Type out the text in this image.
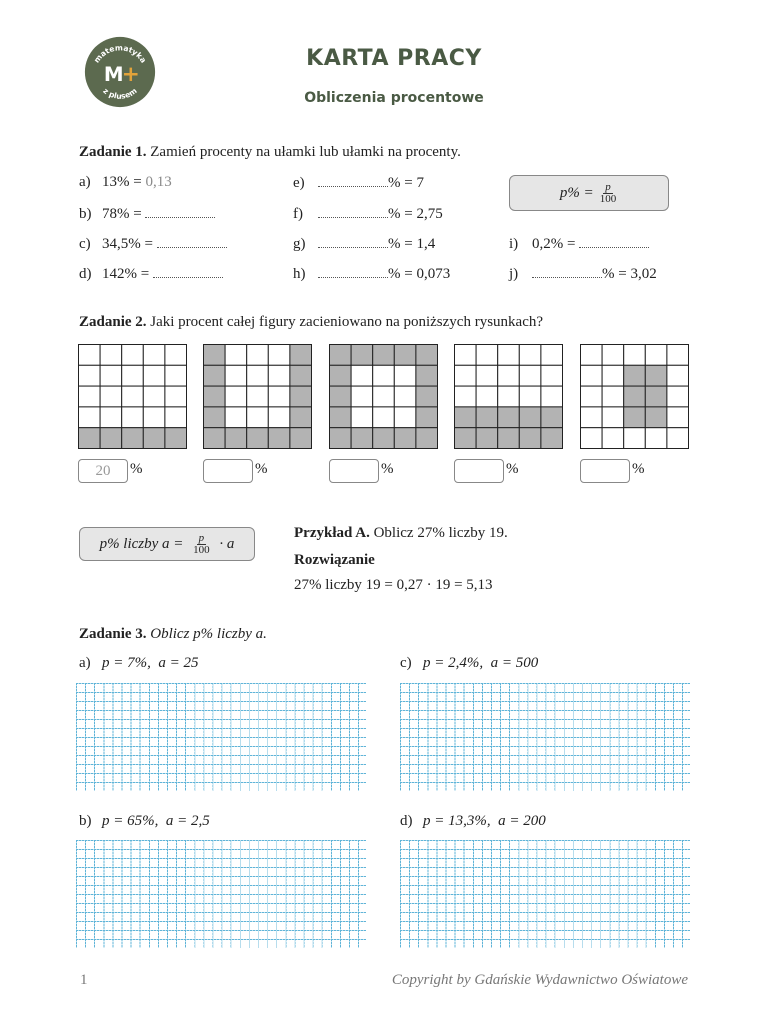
matematyka
z plusem
M
+
KARTA PRACY
Obliczenia procentowe
Zadanie 1. Zamień procenty na ułamki lub ułamki na procenty.
a) 13% = 0,13
b) 78% =
c) 34,5% =
d) 142% =
e)	% = 7
f)	% = 2,75
g)	% = 1,4
h)	% = 0,073
$p\% = \frac{p}{100}$
i) 0,2% =
j)	% = 3,02
Zadanie 2. Jaki procent całej figury zacieniowano na poniższych rysunkach?
20	%	%	%	%	%
p% liczby $a = \frac{p}{100} \cdot a$
Przykład A. Oblicz 27% liczby 19.
Rozwiązanie
27% liczby 19 = 0,27 · 19 = 5,13
Zadanie 3. Oblicz p% liczby a.
a) p = 7%,  a = 25	c) p = 2,4%,  a = 500
b) p = 65%,  a = 2,5	d) p = 13,3%,  a = 200
1	Copyright by Gdańskie Wydawnictwo Oświatowe
